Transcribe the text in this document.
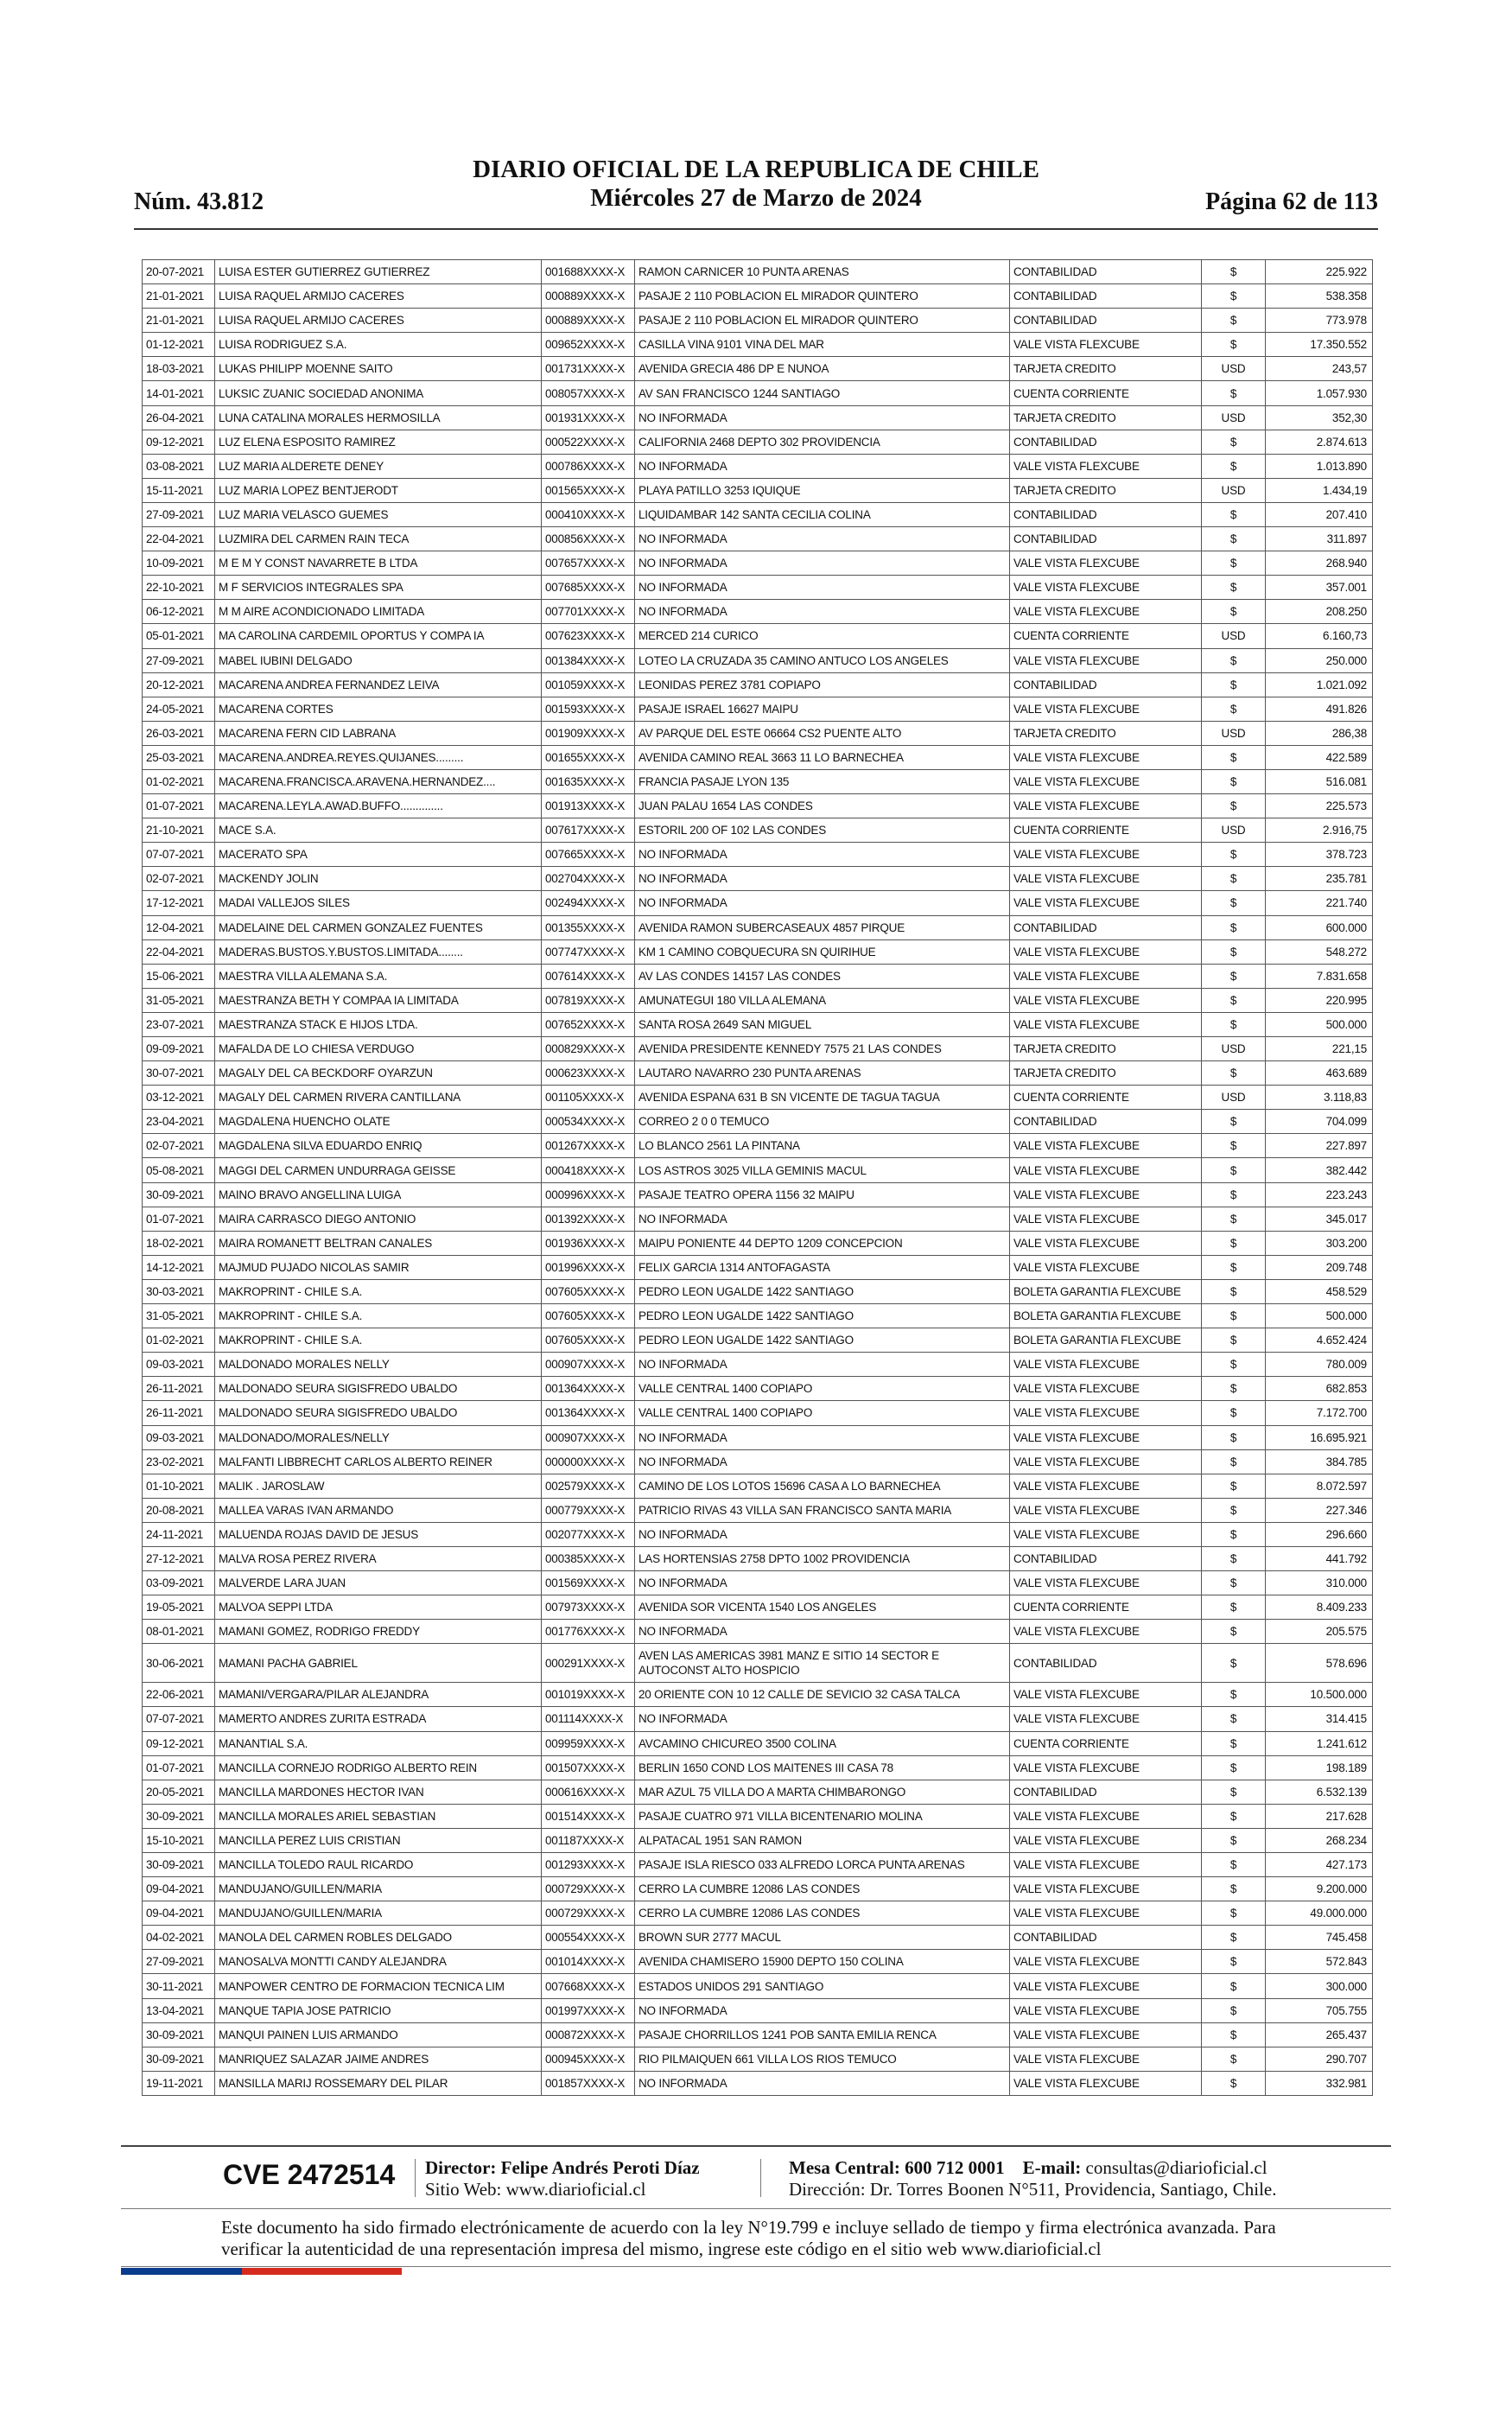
Núm. 43.812
DIARIO OFICIAL DE LA REPUBLICA DE CHILE
Miércoles 27 de Marzo de 2024	Página 62 de 113
20-07-2021	LUISA ESTER GUTIERREZ GUTIERREZ	001688XXXX-X	RAMON CARNICER 10 PUNTA ARENAS	CONTABILIDAD	$	225.922
21-01-2021	LUISA RAQUEL ARMIJO CACERES	000889XXXX-X	PASAJE 2 110 POBLACION EL MIRADOR QUINTERO	CONTABILIDAD	$	538.358
21-01-2021	LUISA RAQUEL ARMIJO CACERES	000889XXXX-X	PASAJE 2 110 POBLACION EL MIRADOR QUINTERO	CONTABILIDAD	$	773.978
01-12-2021	LUISA RODRIGUEZ S.A.	009652XXXX-X	CASILLA VINA 9101 VINA DEL MAR	VALE VISTA FLEXCUBE	$	17.350.552
18-03-2021	LUKAS PHILIPP MOENNE SAITO	001731XXXX-X	AVENIDA GRECIA 486 DP E NUNOA	TARJETA CREDITO	USD	243,57
14-01-2021	LUKSIC ZUANIC SOCIEDAD ANONIMA	008057XXXX-X	AV SAN FRANCISCO 1244 SANTIAGO	CUENTA CORRIENTE	$	1.057.930
26-04-2021	LUNA CATALINA MORALES HERMOSILLA	001931XXXX-X	NO INFORMADA	TARJETA CREDITO	USD	352,30
09-12-2021	LUZ ELENA ESPOSITO RAMIREZ	000522XXXX-X	CALIFORNIA 2468 DEPTO 302 PROVIDENCIA	CONTABILIDAD	$	2.874.613
03-08-2021	LUZ MARIA ALDERETE DENEY	000786XXXX-X	NO INFORMADA	VALE VISTA FLEXCUBE	$	1.013.890
15-11-2021	LUZ MARIA LOPEZ BENTJERODT	001565XXXX-X	PLAYA PATILLO 3253 IQUIQUE	TARJETA CREDITO	USD	1.434,19
27-09-2021	LUZ MARIA VELASCO GUEMES	000410XXXX-X	LIQUIDAMBAR 142 SANTA CECILIA COLINA	CONTABILIDAD	$	207.410
22-04-2021	LUZMIRA DEL CARMEN RAIN TECA	000856XXXX-X	NO INFORMADA	CONTABILIDAD	$	311.897
10-09-2021	M E M Y CONST NAVARRETE B LTDA	007657XXXX-X	NO INFORMADA	VALE VISTA FLEXCUBE	$	268.940
22-10-2021	M F SERVICIOS INTEGRALES SPA	007685XXXX-X	NO INFORMADA	VALE VISTA FLEXCUBE	$	357.001
06-12-2021	M M AIRE ACONDICIONADO LIMITADA	007701XXXX-X	NO INFORMADA	VALE VISTA FLEXCUBE	$	208.250
05-01-2021	MA CAROLINA CARDEMIL OPORTUS Y COMPA IA	007623XXXX-X	MERCED 214 CURICO	CUENTA CORRIENTE	USD	6.160,73
27-09-2021	MABEL IUBINI DELGADO	001384XXXX-X	LOTEO LA CRUZADA 35 CAMINO ANTUCO LOS ANGELES	VALE VISTA FLEXCUBE	$	250.000
20-12-2021	MACARENA ANDREA FERNANDEZ LEIVA	001059XXXX-X	LEONIDAS PEREZ 3781 COPIAPO	CONTABILIDAD	$	1.021.092
24-05-2021	MACARENA CORTES	001593XXXX-X	PASAJE ISRAEL 16627 MAIPU	VALE VISTA FLEXCUBE	$	491.826
26-03-2021	MACARENA FERN CID LABRANA	001909XXXX-X	AV PARQUE DEL ESTE 06664 CS2 PUENTE ALTO	TARJETA CREDITO	USD	286,38
25-03-2021	MACARENA.ANDREA.REYES.QUIJANES.........	001655XXXX-X	AVENIDA CAMINO REAL 3663 11 LO BARNECHEA	VALE VISTA FLEXCUBE	$	422.589
01-02-2021	MACARENA.FRANCISCA.ARAVENA.HERNANDEZ....	001635XXXX-X	FRANCIA PASAJE LYON 135	VALE VISTA FLEXCUBE	$	516.081
01-07-2021	MACARENA.LEYLA.AWAD.BUFFO..............	001913XXXX-X	JUAN PALAU 1654 LAS CONDES	VALE VISTA FLEXCUBE	$	225.573
21-10-2021	MACE S.A.	007617XXXX-X	ESTORIL 200 OF 102 LAS CONDES	CUENTA CORRIENTE	USD	2.916,75
07-07-2021	MACERATO SPA	007665XXXX-X	NO INFORMADA	VALE VISTA FLEXCUBE	$	378.723
02-07-2021	MACKENDY JOLIN	002704XXXX-X	NO INFORMADA	VALE VISTA FLEXCUBE	$	235.781
17-12-2021	MADAI VALLEJOS SILES	002494XXXX-X	NO INFORMADA	VALE VISTA FLEXCUBE	$	221.740
12-04-2021	MADELAINE DEL CARMEN GONZALEZ FUENTES	001355XXXX-X	AVENIDA RAMON SUBERCASEAUX 4857 PIRQUE	CONTABILIDAD	$	600.000
22-04-2021	MADERAS.BUSTOS.Y.BUSTOS.LIMITADA........	007747XXXX-X	KM 1 CAMINO COBQUECURA SN QUIRIHUE	VALE VISTA FLEXCUBE	$	548.272
15-06-2021	MAESTRA VILLA ALEMANA S.A.	007614XXXX-X	AV LAS CONDES 14157 LAS CONDES	VALE VISTA FLEXCUBE	$	7.831.658
31-05-2021	MAESTRANZA BETH Y COMPAA IA LIMITADA	007819XXXX-X	AMUNATEGUI 180 VILLA ALEMANA	VALE VISTA FLEXCUBE	$	220.995
23-07-2021	MAESTRANZA STACK E HIJOS LTDA.	007652XXXX-X	SANTA ROSA 2649 SAN MIGUEL	VALE VISTA FLEXCUBE	$	500.000
09-09-2021	MAFALDA DE LO CHIESA VERDUGO	000829XXXX-X	AVENIDA PRESIDENTE KENNEDY 7575 21 LAS CONDES	TARJETA CREDITO	USD	221,15
30-07-2021	MAGALY DEL CA BECKDORF OYARZUN	000623XXXX-X	LAUTARO NAVARRO 230 PUNTA ARENAS	TARJETA CREDITO	$	463.689
03-12-2021	MAGALY DEL CARMEN RIVERA CANTILLANA	001105XXXX-X	AVENIDA ESPANA 631 B SN VICENTE DE TAGUA TAGUA	CUENTA CORRIENTE	USD	3.118,83
23-04-2021	MAGDALENA HUENCHO OLATE	000534XXXX-X	CORREO 2 0 0 TEMUCO	CONTABILIDAD	$	704.099
02-07-2021	MAGDALENA SILVA EDUARDO ENRIQ	001267XXXX-X	LO BLANCO 2561 LA PINTANA	VALE VISTA FLEXCUBE	$	227.897
05-08-2021	MAGGI DEL CARMEN UNDURRAGA GEISSE	000418XXXX-X	LOS ASTROS 3025 VILLA GEMINIS MACUL	VALE VISTA FLEXCUBE	$	382.442
30-09-2021	MAINO BRAVO ANGELLINA LUIGA	000996XXXX-X	PASAJE TEATRO OPERA 1156 32 MAIPU	VALE VISTA FLEXCUBE	$	223.243
01-07-2021	MAIRA CARRASCO DIEGO ANTONIO	001392XXXX-X	NO INFORMADA	VALE VISTA FLEXCUBE	$	345.017
18-02-2021	MAIRA ROMANETT BELTRAN CANALES	001936XXXX-X	MAIPU PONIENTE 44 DEPTO 1209 CONCEPCION	VALE VISTA FLEXCUBE	$	303.200
14-12-2021	MAJMUD PUJADO NICOLAS SAMIR	001996XXXX-X	FELIX GARCIA 1314 ANTOFAGASTA	VALE VISTA FLEXCUBE	$	209.748
30-03-2021	MAKROPRINT - CHILE S.A.	007605XXXX-X	PEDRO LEON UGALDE 1422 SANTIAGO	BOLETA GARANTIA FLEXCUBE	$	458.529
31-05-2021	MAKROPRINT - CHILE S.A.	007605XXXX-X	PEDRO LEON UGALDE 1422 SANTIAGO	BOLETA GARANTIA FLEXCUBE	$	500.000
01-02-2021	MAKROPRINT - CHILE S.A.	007605XXXX-X	PEDRO LEON UGALDE 1422 SANTIAGO	BOLETA GARANTIA FLEXCUBE	$	4.652.424
09-03-2021	MALDONADO MORALES NELLY	000907XXXX-X	NO INFORMADA	VALE VISTA FLEXCUBE	$	780.009
26-11-2021	MALDONADO SEURA SIGISFREDO UBALDO	001364XXXX-X	VALLE CENTRAL 1400 COPIAPO	VALE VISTA FLEXCUBE	$	682.853
26-11-2021	MALDONADO SEURA SIGISFREDO UBALDO	001364XXXX-X	VALLE CENTRAL 1400 COPIAPO	VALE VISTA FLEXCUBE	$	7.172.700
09-03-2021	MALDONADO/MORALES/NELLY	000907XXXX-X	NO INFORMADA	VALE VISTA FLEXCUBE	$	16.695.921
23-02-2021	MALFANTI LIBBRECHT CARLOS ALBERTO REINER	000000XXXX-X	NO INFORMADA	VALE VISTA FLEXCUBE	$	384.785
01-10-2021	MALIK . JAROSLAW	002579XXXX-X	CAMINO DE LOS LOTOS 15696 CASA A LO BARNECHEA	VALE VISTA FLEXCUBE	$	8.072.597
20-08-2021	MALLEA VARAS IVAN ARMANDO	000779XXXX-X	PATRICIO RIVAS 43 VILLA SAN FRANCISCO SANTA MARIA	VALE VISTA FLEXCUBE	$	227.346
24-11-2021	MALUENDA ROJAS DAVID DE JESUS	002077XXXX-X	NO INFORMADA	VALE VISTA FLEXCUBE	$	296.660
27-12-2021	MALVA ROSA PEREZ RIVERA	000385XXXX-X	LAS HORTENSIAS 2758 DPTO 1002 PROVIDENCIA	CONTABILIDAD	$	441.792
03-09-2021	MALVERDE LARA JUAN	001569XXXX-X	NO INFORMADA	VALE VISTA FLEXCUBE	$	310.000
19-05-2021	MALVOA SEPPI LTDA	007973XXXX-X	AVENIDA SOR VICENTA 1540 LOS ANGELES	CUENTA CORRIENTE	$	8.409.233
08-01-2021	MAMANI GOMEZ, RODRIGO FREDDY	001776XXXX-X	NO INFORMADA	VALE VISTA FLEXCUBE	$	205.575
30-06-2021	MAMANI PACHA GABRIEL	000291XXXX-X	AVEN LAS AMERICAS 3981 MANZ E SITIO 14 SECTOR E AUTOCONST ALTO HOSPICIO	CONTABILIDAD	$	578.696
22-06-2021	MAMANI/VERGARA/PILAR ALEJANDRA	001019XXXX-X	20 ORIENTE CON 10 12 CALLE DE SEVICIO 32 CASA TALCA	VALE VISTA FLEXCUBE	$	10.500.000
07-07-2021	MAMERTO ANDRES ZURITA ESTRADA	001114XXXX-X	NO INFORMADA	VALE VISTA FLEXCUBE	$	314.415
09-12-2021	MANANTIAL S.A.	009959XXXX-X	AVCAMINO CHICUREO 3500 COLINA	CUENTA CORRIENTE	$	1.241.612
01-07-2021	MANCILLA CORNEJO RODRIGO ALBERTO REIN	001507XXXX-X	BERLIN 1650 COND LOS MAITENES III CASA 78	VALE VISTA FLEXCUBE	$	198.189
20-05-2021	MANCILLA MARDONES HECTOR IVAN	000616XXXX-X	MAR AZUL 75 VILLA DO A MARTA CHIMBARONGO	CONTABILIDAD	$	6.532.139
30-09-2021	MANCILLA MORALES ARIEL SEBASTIAN	001514XXXX-X	PASAJE CUATRO 971 VILLA BICENTENARIO MOLINA	VALE VISTA FLEXCUBE	$	217.628
15-10-2021	MANCILLA PEREZ LUIS CRISTIAN	001187XXXX-X	ALPATACAL 1951 SAN RAMON	VALE VISTA FLEXCUBE	$	268.234
30-09-2021	MANCILLA TOLEDO RAUL RICARDO	001293XXXX-X	PASAJE ISLA RIESCO 033 ALFREDO LORCA PUNTA ARENAS	VALE VISTA FLEXCUBE	$	427.173
09-04-2021	MANDUJANO/GUILLEN/MARIA	000729XXXX-X	CERRO LA CUMBRE 12086 LAS CONDES	VALE VISTA FLEXCUBE	$	9.200.000
09-04-2021	MANDUJANO/GUILLEN/MARIA	000729XXXX-X	CERRO LA CUMBRE 12086 LAS CONDES	VALE VISTA FLEXCUBE	$	49.000.000
04-02-2021	MANOLA DEL CARMEN ROBLES DELGADO	000554XXXX-X	BROWN SUR 2777 MACUL	CONTABILIDAD	$	745.458
27-09-2021	MANOSALVA MONTTI CANDY ALEJANDRA	001014XXXX-X	AVENIDA CHAMISERO 15900 DEPTO 150 COLINA	VALE VISTA FLEXCUBE	$	572.843
30-11-2021	MANPOWER CENTRO DE FORMACION TECNICA LIM	007668XXXX-X	ESTADOS UNIDOS 291 SANTIAGO	VALE VISTA FLEXCUBE	$	300.000
13-04-2021	MANQUE TAPIA JOSE PATRICIO	001997XXXX-X	NO INFORMADA	VALE VISTA FLEXCUBE	$	705.755
30-09-2021	MANQUI PAINEN LUIS ARMANDO	000872XXXX-X	PASAJE CHORRILLOS 1241 POB SANTA EMILIA RENCA	VALE VISTA FLEXCUBE	$	265.437
30-09-2021	MANRIQUEZ SALAZAR JAIME ANDRES	000945XXXX-X	RIO PILMAIQUEN 661 VILLA LOS RIOS TEMUCO	VALE VISTA FLEXCUBE	$	290.707
19-11-2021	MANSILLA MARIJ ROSSEMARY DEL PILAR	001857XXXX-X	NO INFORMADA	VALE VISTA FLEXCUBE	$	332.981
CVE 2472514 Director: Felipe Andrés Peroti Díaz
Sitio Web: www.diarioficial.cl
Mesa Central: 600 712 0001 E-mail: consultas@diarioficial.cl
Dirección: Dr. Torres Boonen N°511, Providencia, Santiago, Chile.
Este documento ha sido firmado electrónicamente de acuerdo con la ley N°19.799 e incluye sellado de tiempo y firma electrónica avanzada. Para verificar la autenticidad de una representación impresa del mismo, ingrese este código en el sitio web www.diarioficial.cl
